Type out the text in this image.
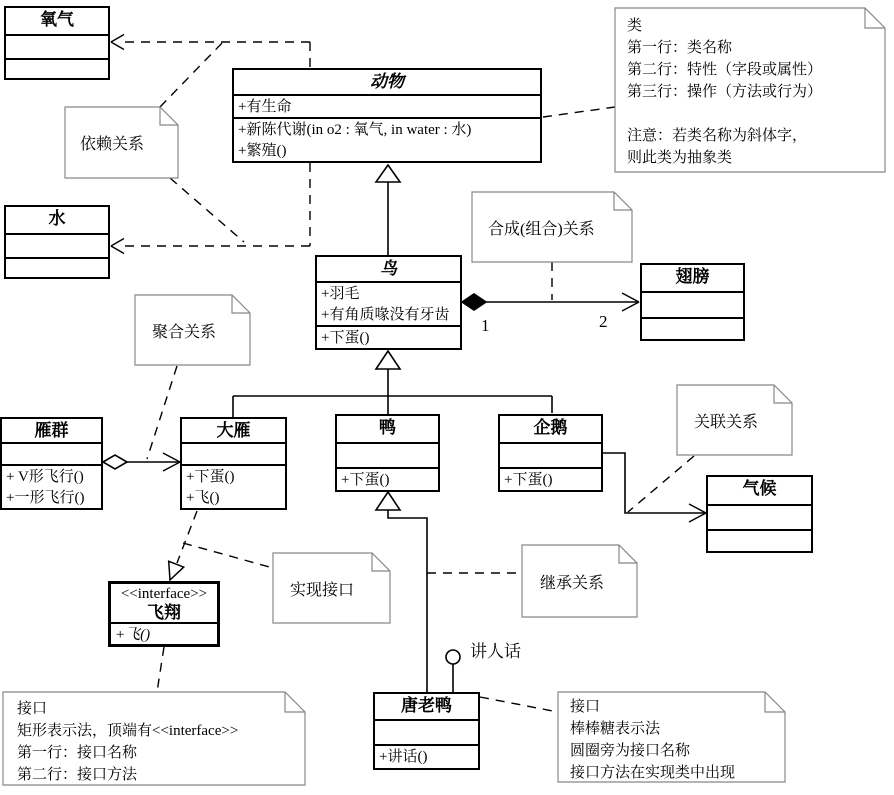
氧气
水
动物
+有生命
+新陈代谢(in o2 : 氧气, in water : 水)
+繁殖()
鸟
+羽毛
+有角质喙没有牙齿
+下蛋()
翅膀
雁群
+ V形飞行()
+一形飞行()
大雁
+下蛋()
+飞()
鸭
+下蛋()
企鹅
+下蛋()	气候
<<interface>>
飞翔
+飞()
唐老鸭
+讲话()
依赖关系
合成(组合)关系
聚合关系
关联关系
实现接口	继承关系
类
第一行：类名称
第二行：特性（字段或属性）
第三行：操作（方法或行为）
注意：若类名称为斜体字，
则此类为抽象类
接口
矩形表示法，顶端有<<interface>>
第一行：接口名称
第二行：接口方法
接口
棒棒糖表示法
圆圈旁为接口名称
接口方法在实现类中出现
1	2
讲人话
